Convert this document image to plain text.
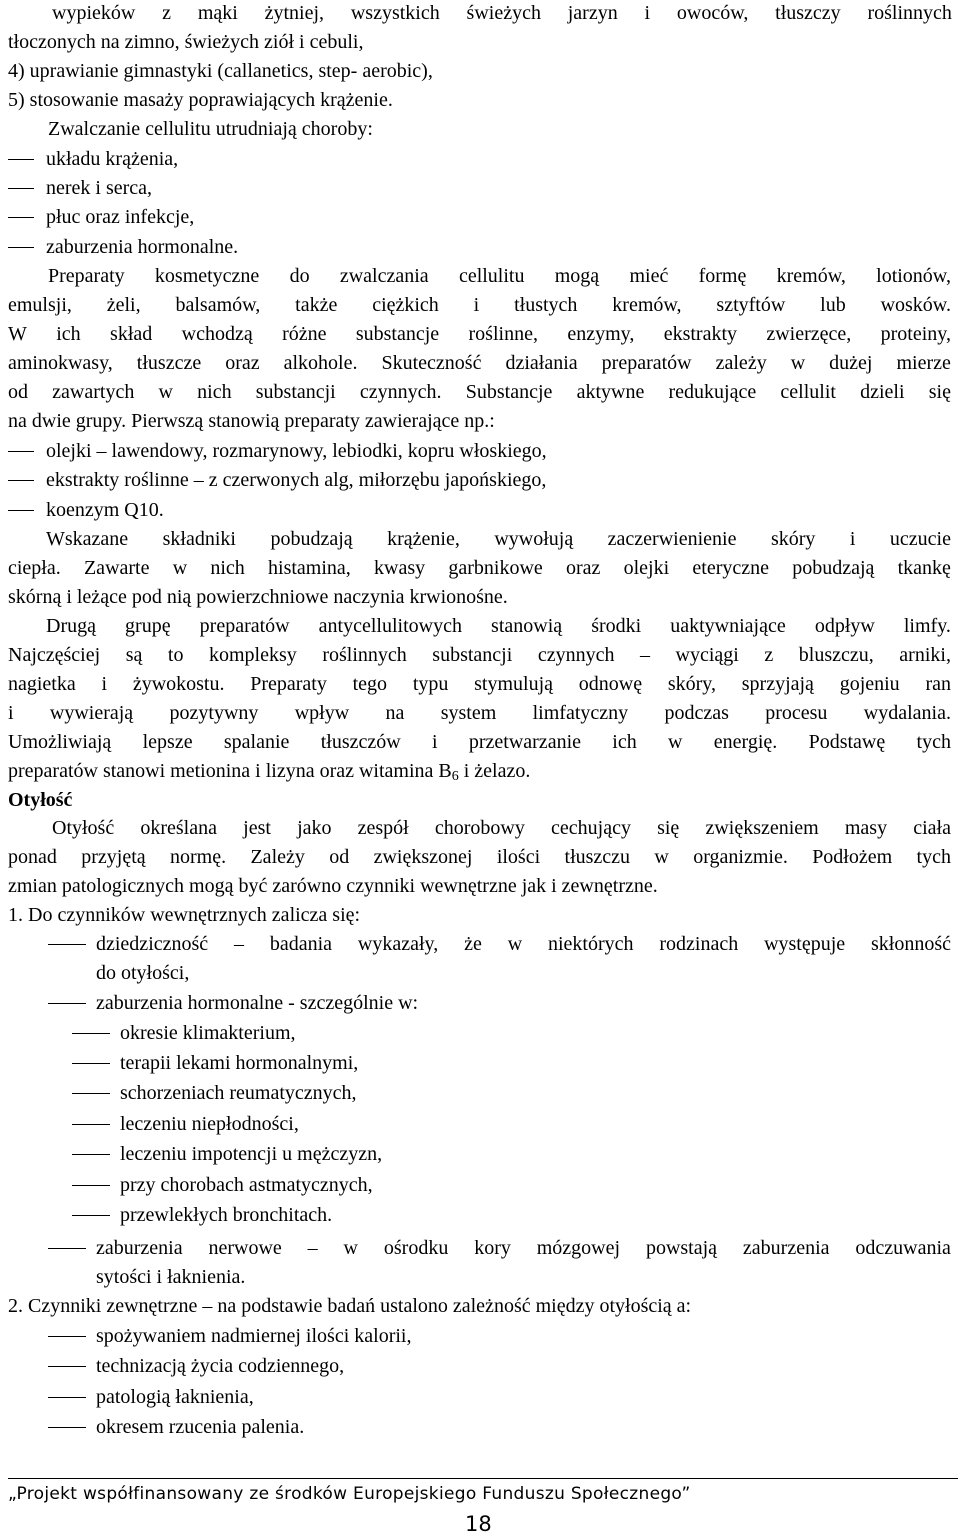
wypieków z mąki żytniej, wszystkich świeżych jarzyn i owoców, tłuszczy roślinnych
tłoczonych na zimno, świeżych ziół i cebuli,
4) uprawianie gimnastyki (callanetics, step- aerobic),
5) stosowanie masaży poprawiających krążenie.
Zwalczanie cellulitu utrudniają choroby:
układu krążenia,
nerek i serca,
płuc oraz infekcje,
zaburzenia hormonalne.
Preparaty kosmetyczne do zwalczania cellulitu mogą mieć formę kremów, lotionów,
emulsji, żeli, balsamów, także ciężkich i tłustych kremów, sztyftów lub wosków.
W ich skład wchodzą różne substancje roślinne, enzymy, ekstrakty zwierzęce, proteiny,
aminokwasy, tłuszcze oraz alkohole. Skuteczność działania preparatów zależy w dużej mierze
od zawartych w nich substancji czynnych. Substancje aktywne redukujące cellulit dzieli się
na dwie grupy. Pierwszą stanowią preparaty zawierające np.:
olejki – lawendowy, rozmarynowy, lebiodki, kopru włoskiego,
ekstrakty roślinne – z czerwonych alg, miłorzębu japońskiego,
koenzym Q10.
Wskazane składniki pobudzają krążenie, wywołują zaczerwienienie skóry i uczucie
ciepła. Zawarte w nich histamina, kwasy garbnikowe oraz olejki eteryczne pobudzają tkankę
skórną i leżące pod nią powierzchniowe naczynia krwionośne.
Drugą grupę preparatów antycellulitowych stanowią środki uaktywniające odpływ limfy.
Najczęściej są to kompleksy roślinnych substancji czynnych – wyciągi z bluszczu, arniki,
nagietka i żywokostu. Preparaty tego typu stymulują odnowę skóry, sprzyjają gojeniu ran
i wywierają pozytywny wpływ na system limfatyczny podczas procesu wydalania.
Umożliwiają lepsze spalanie tłuszczów i przetwarzanie ich w energię. Podstawę tych
preparatów stanowi metionina i lizyna oraz witamina $B_6$ i żelazo.
Otyłość
Otyłość określana jest jako zespół chorobowy cechujący się zwiększeniem masy ciała
ponad przyjętą normę. Zależy od zwiększonej ilości tłuszczu w organizmie. Podłożem tych
zmian patologicznych mogą być zarówno czynniki wewnętrzne jak i zewnętrzne.
1. Do czynników wewnętrznych zalicza się:
dziedziczność – badania wykazały, że w niektórych rodzinach występuje skłonność
do otyłości,
zaburzenia hormonalne - szczególnie w:
okresie klimakterium,
terapii lekami hormonalnymi,
schorzeniach reumatycznych,
leczeniu niepłodności,
leczeniu impotencji u mężczyzn,
przy chorobach astmatycznych,
przewlekłych bronchitach.
zaburzenia nerwowe – w ośrodku kory mózgowej powstają zaburzenia odczuwania
sytości i łaknienia.
2. Czynniki zewnętrzne – na podstawie badań ustalono zależność między otyłością a:
spożywaniem nadmiernej ilości kalorii,
technizacją życia codziennego,
patologią łaknienia,
okresem rzucenia palenia.
„Projekt współfinansowany ze środków Europejskiego Funduszu Społecznego”
18
